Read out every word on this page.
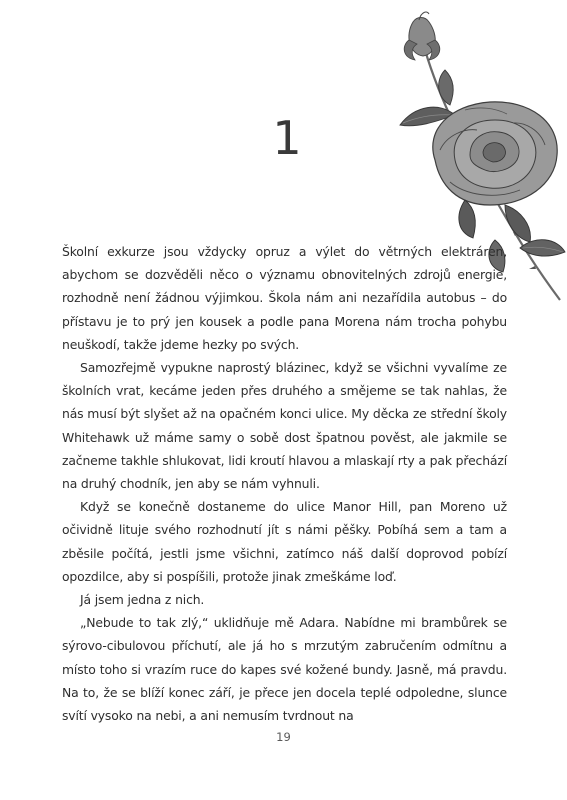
1

Školní exkurze jsou vždycky opruz a výlet do větrných elektráren, abychom se dozvěděli něco o významu obnovitelných zdrojů energie, rozhodně není žádnou výjimkou. Škola nám ani nezařídila autobus – do přístavu je to prý jen kousek a podle pana Morena nám trocha pohybu neuškodí, takže jdeme hezky po svých.

Samozřejmě vypukne naprostý blázinec, když se všichni vyvalíme ze školních vrat, kecáme jeden přes druhého a smějeme se tak nahlas, že nás musí být slyšet až na opačném konci ulice. My děcka ze střední školy Whitehawk už máme samy o sobě dost špatnou pověst, ale jakmile se začneme takhle shlukovat, lidi kroutí hlavou a mlaskají rty a pak přechází na druhý chodník, jen aby se nám vyhnuli.

Když se konečně dostaneme do ulice Manor Hill, pan Moreno už očividně lituje svého rozhodnutí jít s námi pěšky. Pobíhá sem a tam a zběsile počítá, jestli jsme všichni, zatímco náš další doprovod pobízí opozdilce, aby si pospíšili, protože jinak zmeškáme loď.

Já jsem jedna z nich.

„Nebude to tak zlý,“ uklidňuje mě Adara. Nabídne mi brambůrek se sýrovo-cibulovou příchutí, ale já ho s mrzutým zabručením odmítnu a místo toho si vrazím ruce do kapes své kožené bundy. Jasně, má pravdu. Na to, že se blíží konec září, je přece jen docela teplé odpoledne, slunce svítí vysoko na nebi, a ani nemusím tvrdnout na

19
